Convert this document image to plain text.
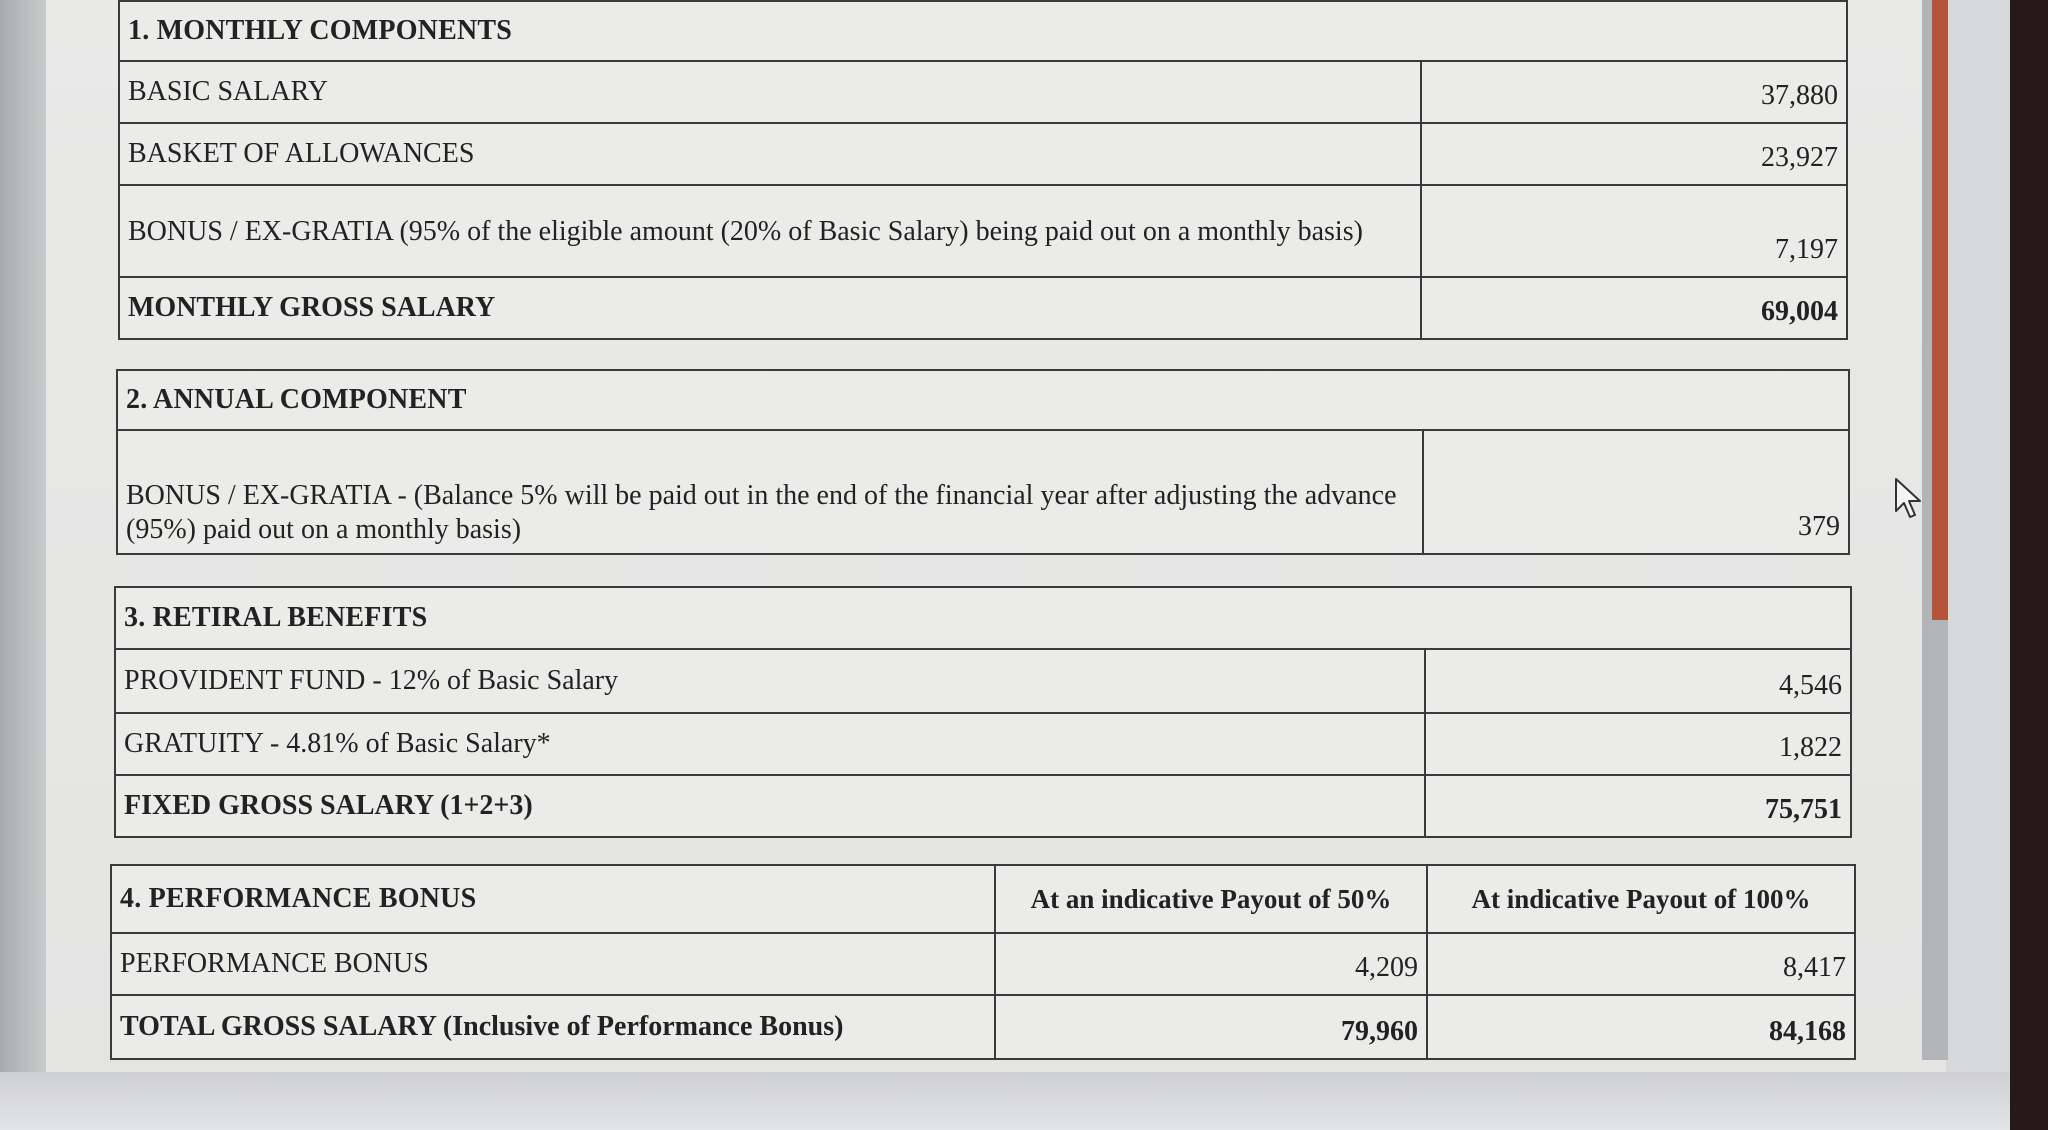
1. MONTHLY COMPONENTS	
BASIC SALARY	37,880
BASKET OF ALLOWANCES	23,927
BONUS / EX-GRATIA (95% of the eligible amount (20% of Basic Salary) being paid out on a monthly basis)	7,197
MONTHLY GROSS SALARY	69,004
2. ANNUAL COMPONENT
BONUS / EX-GRATIA - (Balance 5% will be paid out in the end of the financial year after adjusting the advance (95%) paid out on a monthly basis)	379
3. RETIRAL BENEFITS	
PROVIDENT FUND - 12% of Basic Salary	4,546
GRATUITY - 4.81% of Basic Salary*	1,822
FIXED GROSS SALARY (1+2+3)	75,751
4. PERFORMANCE BONUS	At an indicative Payout of 50%	At indicative Payout of 100%
PERFORMANCE BONUS	4,209	8,417
TOTAL GROSS SALARY (Inclusive of Performance Bonus)	79,960	84,168
